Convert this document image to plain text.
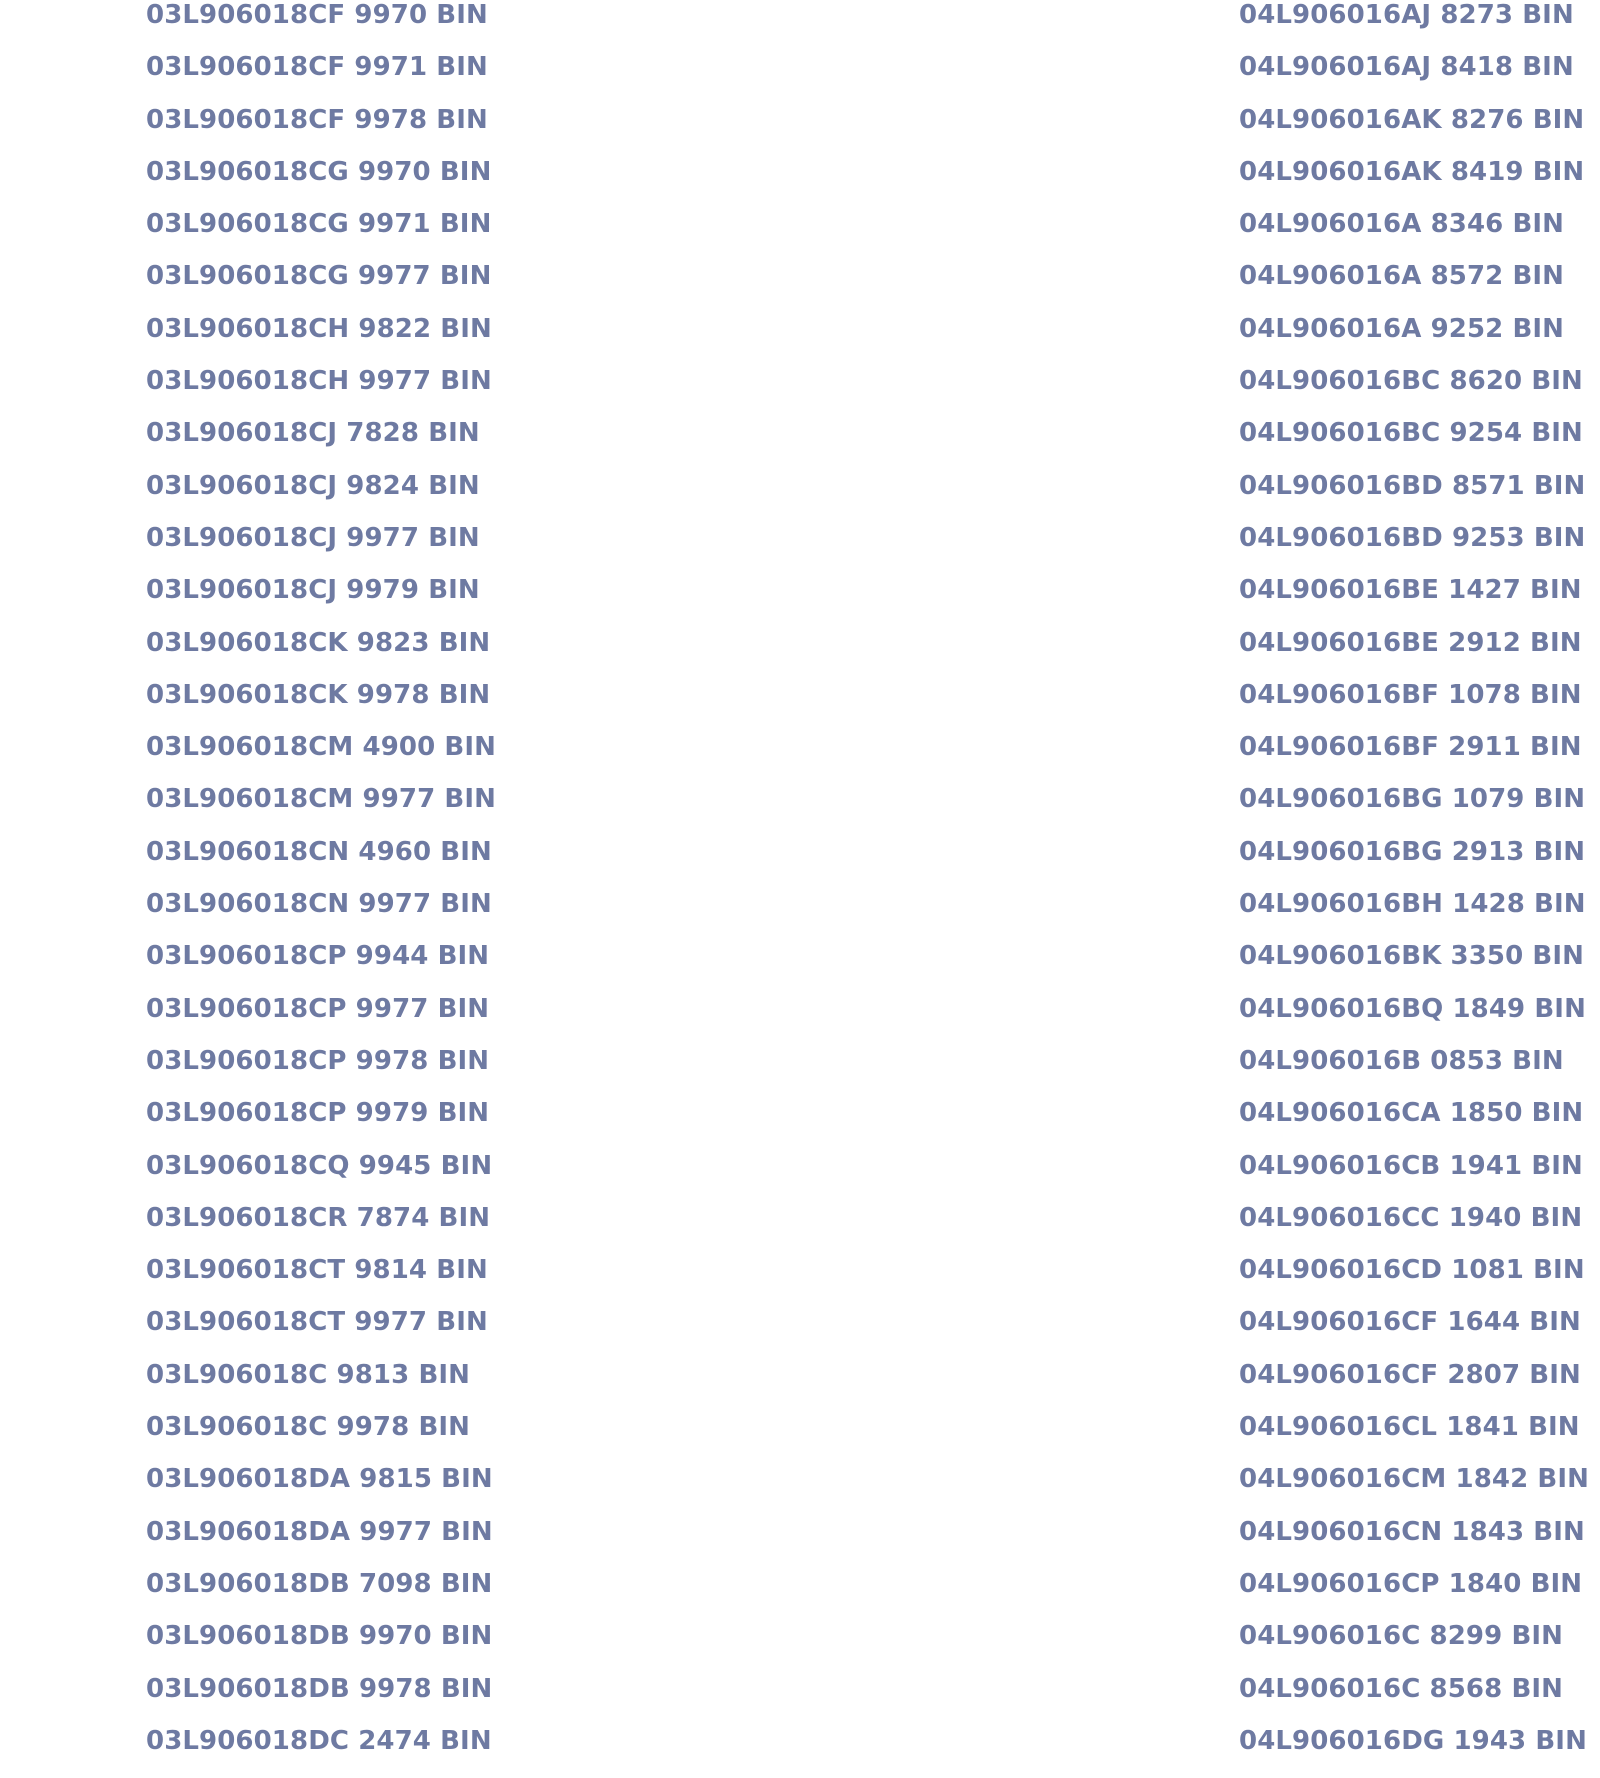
03L906018CF 9970 BIN
03L906018CF 9971 BIN
03L906018CF 9978 BIN
03L906018CG 9970 BIN
03L906018CG 9971 BIN
03L906018CG 9977 BIN
03L906018CH 9822 BIN
03L906018CH 9977 BIN
03L906018CJ 7828 BIN
03L906018CJ 9824 BIN
03L906018CJ 9977 BIN
03L906018CJ 9979 BIN
03L906018CK 9823 BIN
03L906018CK 9978 BIN
03L906018CM 4900 BIN
03L906018CM 9977 BIN
03L906018CN 4960 BIN
03L906018CN 9977 BIN
03L906018CP 9944 BIN
03L906018CP 9977 BIN
03L906018CP 9978 BIN
03L906018CP 9979 BIN
03L906018CQ 9945 BIN
03L906018CR 7874 BIN
03L906018CT 9814 BIN
03L906018CT 9977 BIN
03L906018C 9813 BIN
03L906018C 9978 BIN
03L906018DA 9815 BIN
03L906018DA 9977 BIN
03L906018DB 7098 BIN
03L906018DB 9970 BIN
03L906018DB 9978 BIN
03L906018DC 2474 BIN
04L906016AJ 8273 BIN
04L906016AJ 8418 BIN
04L906016AK 8276 BIN
04L906016AK 8419 BIN
04L906016A 8346 BIN
04L906016A 8572 BIN
04L906016A 9252 BIN
04L906016BC 8620 BIN
04L906016BC 9254 BIN
04L906016BD 8571 BIN
04L906016BD 9253 BIN
04L906016BE 1427 BIN
04L906016BE 2912 BIN
04L906016BF 1078 BIN
04L906016BF 2911 BIN
04L906016BG 1079 BIN
04L906016BG 2913 BIN
04L906016BH 1428 BIN
04L906016BK 3350 BIN
04L906016BQ 1849 BIN
04L906016B 0853 BIN
04L906016CA 1850 BIN
04L906016CB 1941 BIN
04L906016CC 1940 BIN
04L906016CD 1081 BIN
04L906016CF 1644 BIN
04L906016CF 2807 BIN
04L906016CL 1841 BIN
04L906016CM 1842 BIN
04L906016CN 1843 BIN
04L906016CP 1840 BIN
04L906016C 8299 BIN
04L906016C 8568 BIN
04L906016DG 1943 BIN
